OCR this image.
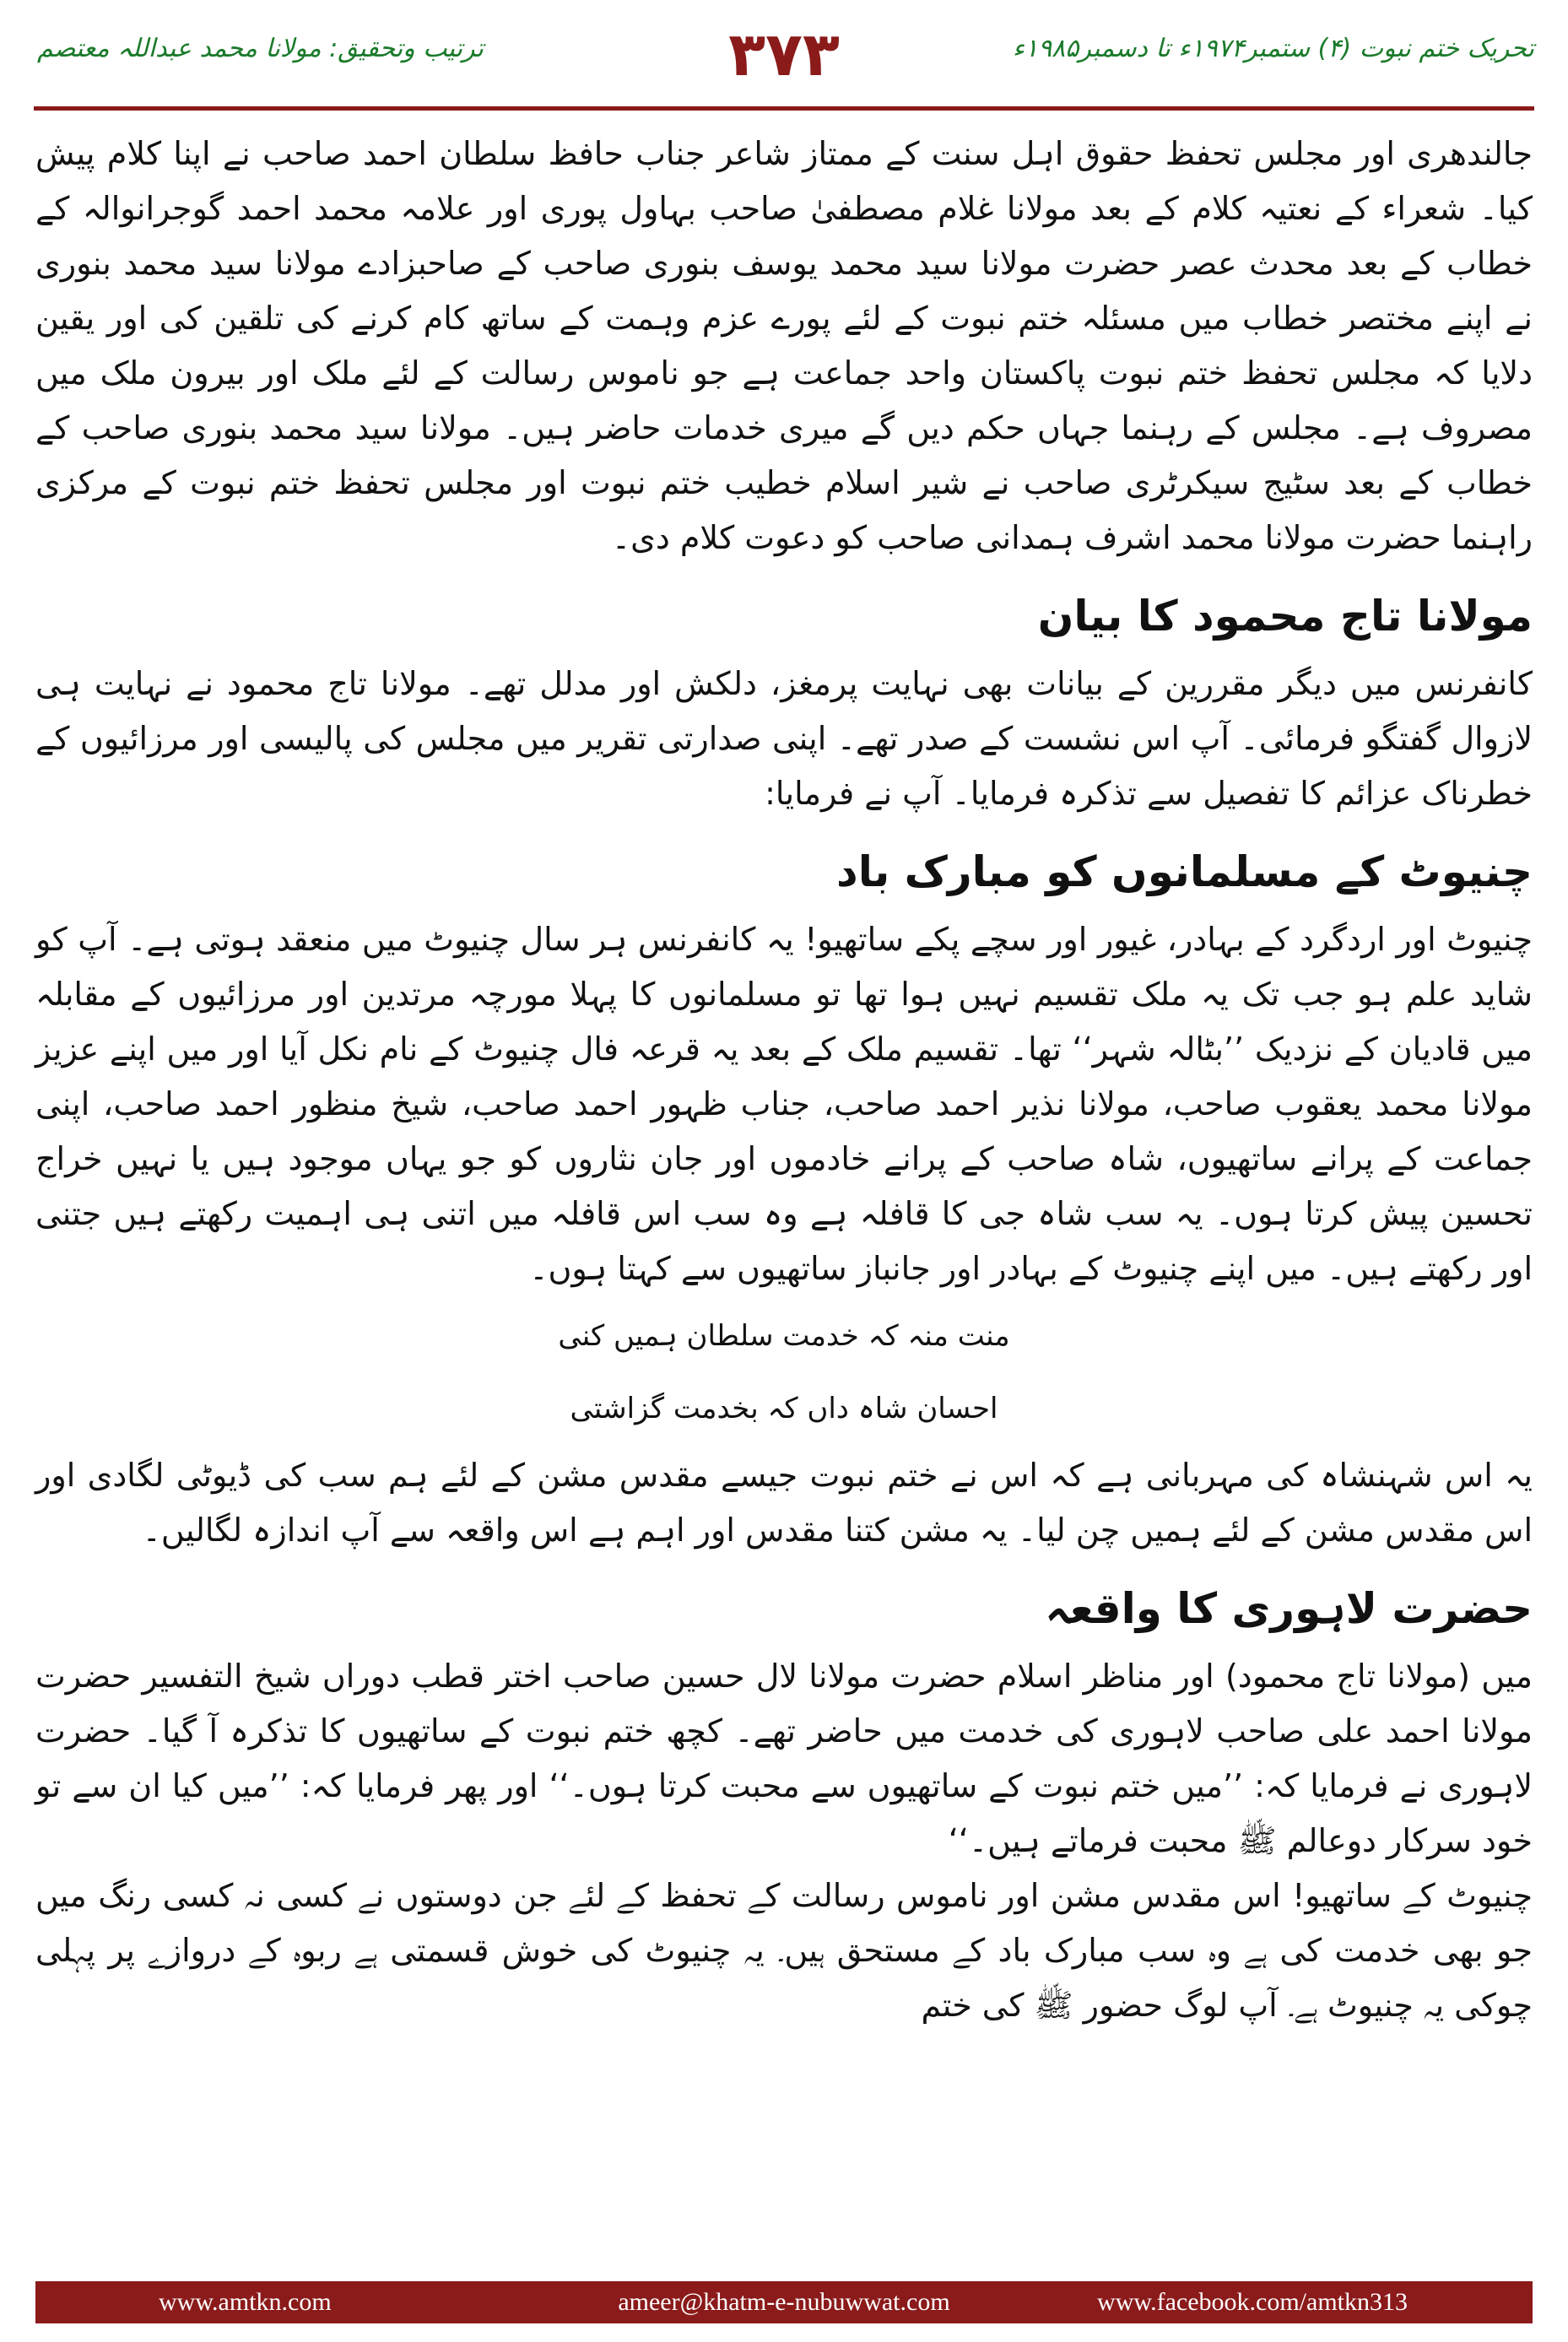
تحریک ختم نبوت (۴) ستمبر۱۹۷۴ء تا دسمبر۱۹۸۵ء
۳۷۳
ترتیب وتحقیق: مولانا محمد عبداللہ معتصم

جالندھری اور مجلس تحفظ حقوق اہل سنت کے ممتاز شاعر جناب حافظ سلطان احمد صاحب نے اپنا کلام پیش کیا۔ شعراء کے نعتیہ کلام کے بعد مولانا غلام مصطفیٰ صاحب بہاول پوری اور علامہ محمد احمد گوجرانوالہ کے خطاب کے بعد محدث عصر حضرت مولانا سید محمد یوسف بنوری صاحب کے صاحبزادے مولانا سید محمد بنوری نے اپنے مختصر خطاب میں مسئلہ ختم نبوت کے لئے پورے عزم وہمت کے ساتھ کام کرنے کی تلقین کی اور یقین دلایا کہ مجلس تحفظ ختم نبوت پاکستان واحد جماعت ہے جو ناموس رسالت کے لئے ملک اور بیرون ملک میں مصروف ہے۔ مجلس کے رہنما جہاں حکم دیں گے میری خدمات حاضر ہیں۔ مولانا سید محمد بنوری صاحب کے خطاب کے بعد سٹیج سیکرٹری صاحب نے شیر اسلام خطیب ختم نبوت اور مجلس تحفظ ختم نبوت کے مرکزی راہنما حضرت مولانا محمد اشرف ہمدانی صاحب کو دعوت کلام دی۔

مولانا تاج محمود کا بیان

کانفرنس میں دیگر مقررین کے بیانات بھی نہایت پرمغز، دلکش اور مدلل تھے۔ مولانا تاج محمود نے نہایت ہی لازوال گفتگو فرمائی۔ آپ اس نشست کے صدر تھے۔ اپنی صدارتی تقریر میں مجلس کی پالیسی اور مرزائیوں کے خطرناک عزائم کا تفصیل سے تذکرہ فرمایا۔ آپ نے فرمایا:

چنیوٹ کے مسلمانوں کو مبارک باد

چنیوٹ اور اردگرد کے بہادر، غیور اور سچے پکے ساتھیو! یہ کانفرنس ہر سال چنیوٹ میں منعقد ہوتی ہے۔ آپ کو شاید علم ہو جب تک یہ ملک تقسیم نہیں ہوا تھا تو مسلمانوں کا پہلا مورچہ مرتدین اور مرزائیوں کے مقابلہ میں قادیان کے نزدیک ’’بٹالہ شہر‘‘ تھا۔ تقسیم ملک کے بعد یہ قرعہ فال چنیوٹ کے نام نکل آیا اور میں اپنے عزیز مولانا محمد یعقوب صاحب، مولانا نذیر احمد صاحب، جناب ظہور احمد صاحب، شیخ منظور احمد صاحب، اپنی جماعت کے پرانے ساتھیوں، شاہ صاحب کے پرانے خادموں اور جان نثاروں کو جو یہاں موجود ہیں یا نہیں خراج تحسین پیش کرتا ہوں۔ یہ سب شاہ جی کا قافلہ ہے وہ سب اس قافلہ میں اتنی ہی اہمیت رکھتے ہیں جتنی اور رکھتے ہیں۔ میں اپنے چنیوٹ کے بہادر اور جانباز ساتھیوں سے کہتا ہوں۔

منت منہ کہ خدمت سلطان ہمیں کنی
احسان شاہ داں کہ بخدمت گزاشتی

یہ اس شہنشاہ کی مہربانی ہے کہ اس نے ختم نبوت جیسے مقدس مشن کے لئے ہم سب کی ڈیوٹی لگادی اور اس مقدس مشن کے لئے ہمیں چن لیا۔ یہ مشن کتنا مقدس اور اہم ہے اس واقعہ سے آپ اندازہ لگالیں۔

حضرت لاہوری کا واقعہ

میں (مولانا تاج محمود) اور مناظر اسلام حضرت مولانا لال حسین صاحب اختر قطب دوراں شیخ التفسیر حضرت مولانا احمد علی صاحب لاہوری کی خدمت میں حاضر تھے۔ کچھ ختم نبوت کے ساتھیوں کا تذکرہ آ گیا۔ حضرت لاہوری نے فرمایا کہ: ’’میں ختم نبوت کے ساتھیوں سے محبت کرتا ہوں۔‘‘ اور پھر فرمایا کہ: ’’میں کیا ان سے تو خود سرکار دوعالم ﷺ محبت فرماتے ہیں۔‘‘

چنیوٹ کے ساتھیو! اس مقدس مشن اور ناموس رسالت کے تحفظ کے لئے جن دوستوں نے کسی نہ کسی رنگ میں جو بھی خدمت کی ہے وہ سب مبارک باد کے مستحق ہیں۔ یہ چنیوٹ کی خوش قسمتی ہے ربوہ کے دروازے پر پہلی چوکی یہ چنیوٹ ہے۔ آپ لوگ حضور ﷺ کی ختم

www.amtkn.com	ameer@khatm-e-nubuwwat.com	www.facebook.com/amtkn313
